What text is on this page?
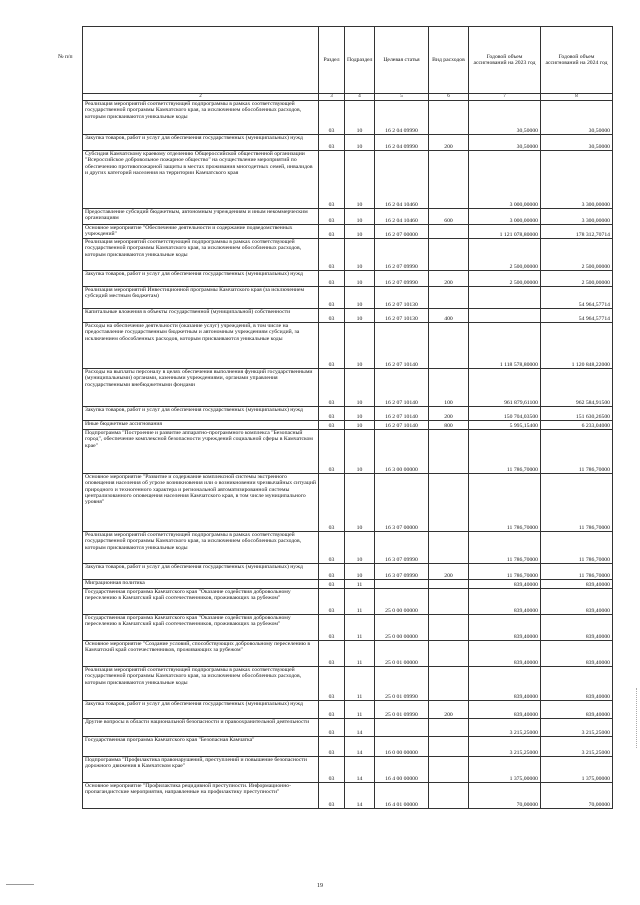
	Раздел	Подраздел	Целевая статья	Вид расходов	Годовой объем ассигнований на 2023 год	Годовой объем ассигнований на 2024 год
2	3	4	5	6	7	8
Реализация мероприятий соответствующей подпрограммы в рамках соответствующей государственной программы Камчатского края, за исключением обособленных расходов, которым присваиваются уникальные коды	03	10	16 2 04 09990		30,50000	30,50000
Закупка товаров, работ и услуг для обеспечения государственных (муниципальных) нужд	03	10	16 2 04 09990	200	30,50000	30,50000
Субсидия Камчатскому краевому отделению Общероссийской общественной организации "Всероссийское добровольное пожарное общество" на осуществление мероприятий по обеспечению противопожарной защиты в местах проживания многодетных семей, инвалидов и других категорий населения на территории Камчатского края	03	10	16 2 04 10460		3 000,00000	3 300,00000
Предоставление субсидий бюджетным, автономным учреждениям и иным некоммерческим организациям	03	10	16 2 04 10460	600	3 000,00000	3 300,00000
Основное мероприятие "Обеспечение деятельности и содержание подведомственных учреждений"	03	10	16 2 07 00000		1 121 078,80000	178 312,70714
Реализация мероприятий соответствующей подпрограммы в рамках соответствующей государственной программы Камчатского края, за исключением обособленных расходов, которым присваиваются уникальные коды	03	10	16 2 07 09990		2 500,00000	2 500,00000
Закупка товаров, работ и услуг для обеспечения государственных (муниципальных) нужд	03	10	16 2 07 09990	200	2 500,00000	2 500,00000
Реализация мероприятий Инвестиционной программы Камчатского края (за исключением субсидий местным бюджетам)	03	10	16 2 07 10130			54 964,57714
Капитальные вложения в объекты государственной (муниципальной) собственности	03	10	16 2 07 10130	400		54 964,57714
Расходы на обеспечение деятельности (оказание услуг) учреждений, в том числе на предоставление государственным бюджетным и автономным учреждениям субсидий, за исключением обособленных расходов, которым присваиваются уникальные коды	03	10	16 2 07 10140		1 118 578,80000	1 120 848,22000
Расходы на выплаты персоналу в целях обеспечения выполнения функций государственными (муниципальными) органами, казенными учреждениями, органами управления государственными внебюджетными фондами	03	10	16 2 07 10140	100	961 879,61100	962 584,91500
Закупка товаров, работ и услуг для обеспечения государственных (муниципальных) нужд	03	10	16 2 07 10140	200	150 704,03500	151 630,26500
Иные бюджетные ассигнования	03	10	16 2 07 10140	800	5 995,15400	6 233,04000
Подпрограмма "Построение и развитие аппаратно-программного комплекса "Безопасный город", обеспечение комплексной безопасности учреждений социальной сферы в Камчатском крае"	03	10	16 3 00 00000		11 786,70000	11 786,70000
Основное мероприятие "Развитие и содержание комплексной системы экстренного оповещения населения об угрозе возникновения или о возникновении чрезвычайных ситуаций природного и техногенного характера и региональной автоматизированной системы централизованного оповещения населения Камчатского края, в том числе муниципального уровня"	03	10	16 3 07 00000		11 786,70000	11 786,70000
Реализация мероприятий соответствующей подпрограммы в рамках соответствующей государственной программы Камчатского края, за исключением обособленных расходов, которым присваиваются уникальные коды	03	10	16 3 07 09990		11 786,70000	11 786,70000
Закупка товаров, работ и услуг для обеспечения государственных (муниципальных) нужд	03	10	16 3 07 09990	200	11 786,70000	11 786,70000
Миграционная политика	03	11			839,40000	839,40000
Государственная программа Камчатского края "Оказание содействия добровольному переселению в Камчатский край соотечественников, проживающих за рубежом"	03	11	25 0 00 00000		839,40000	839,40000
Государственная программа Камчатского края "Оказание содействия добровольному переселению в Камчатский край соотечественников, проживающих за рубежом"	03	11	25 0 00 00000		839,40000	839,40000
Основное мероприятие "Создание условий, способствующих добровольному переселению в Камчатский край соотечественников, проживающих за рубежом"	03	11	25 0 01 00000		839,40000	839,40000
Реализация мероприятий соответствующей подпрограммы в рамках соответствующей государственной программы Камчатского края, за исключением обособленных расходов, которым присваиваются уникальные коды	03	11	25 0 01 09990		839,40000	839,40000
Закупка товаров, работ и услуг для обеспечения государственных (муниципальных) нужд	03	11	25 0 01 09990	200	839,40000	839,40000
Другие вопросы в области национальной безопасности и правоохранительной деятельности	03	14			3 215,25000	3 215,25000
Государственная программа Камчатского края "Безопасная Камчатка"	03	14	16 0 00 00000		3 215,25000	3 215,25000
Подпрограмма "Профилактика правонарушений, преступлений и повышение безопасности дорожного движения в Камчатском крае"	03	14	16 4 00 00000		1 375,00000	1 375,00000
Основное мероприятие "Профилактика рецидивной преступности. Информационно-пропагандистские мероприятия, направленные на профилактику преступности"	03	14	16 4 01 00000		70,00000	70,00000
№ п/п
19
